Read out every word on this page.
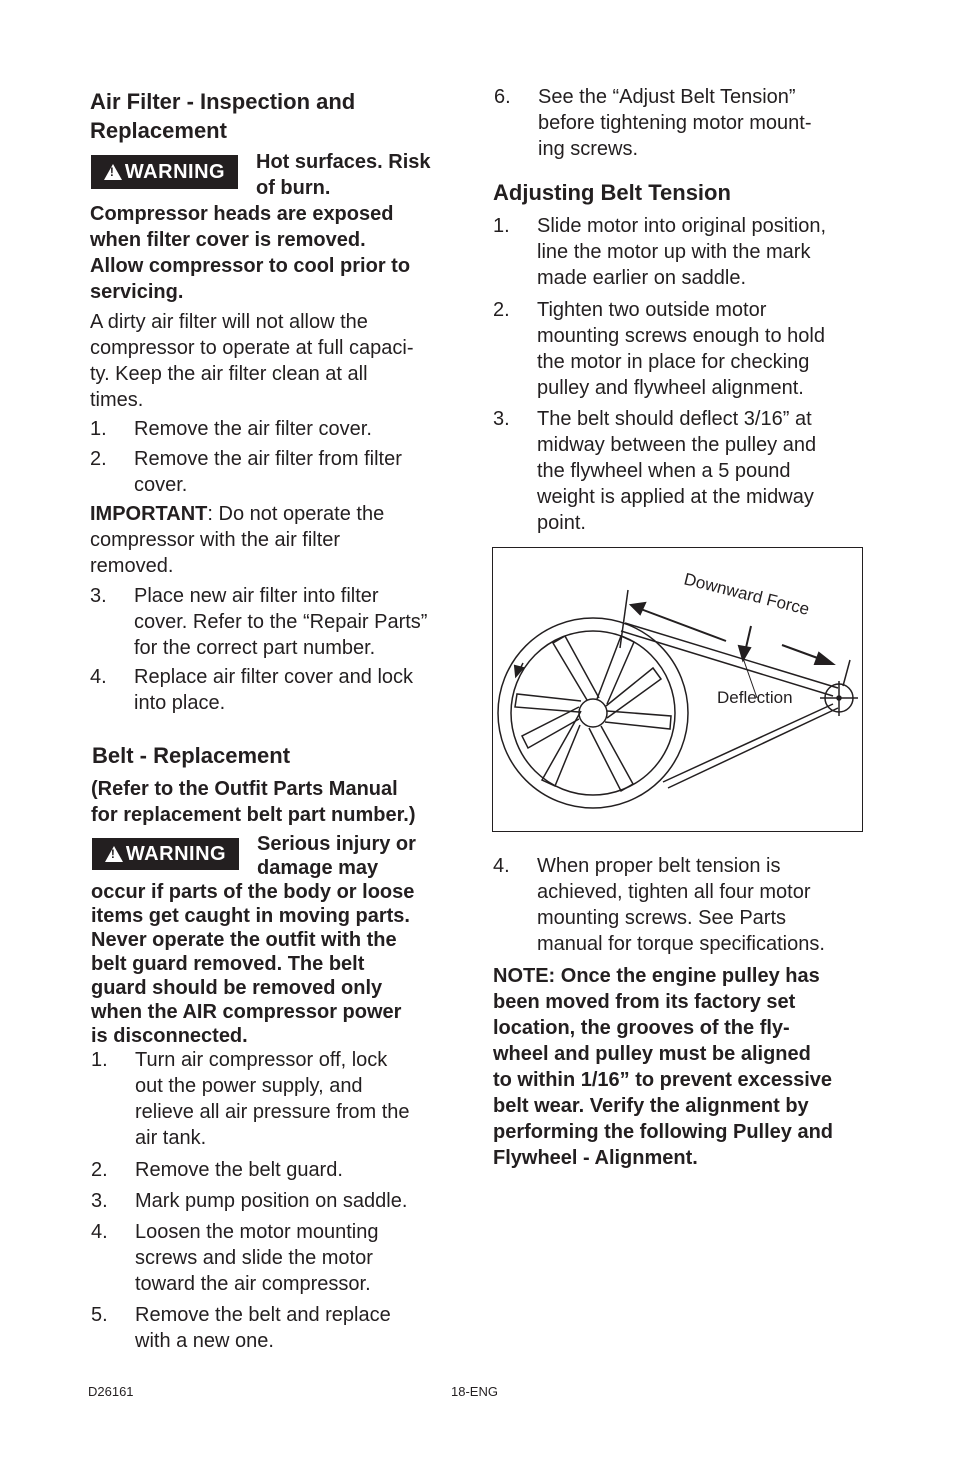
Air Filter - Inspection and
Replacement
!
WARNING Hot surfaces. Risk
of burn.
Compressor heads are exposed
when filter cover is removed.
Allow compressor to cool prior to
servicing.
A dirty air filter will not allow the
compressor to operate at full capaci-
ty. Keep the air filter clean at all
times.
1. Remove the air filter cover.
2. Remove the air filter from filter
cover.
IMPORTANT: Do not operate the
compressor with the air filter
removed.
3. Place new air filter into filter
cover. Refer to the “Repair Parts”
for the correct part number.
4. Replace air filter cover and lock
into place.
Belt - Replacement
(Refer to the Outfit Parts Manual
for replacement belt part number.)
!
WARNING Serious injury or
damage may
occur if parts of the body or loose
items get caught in moving parts.
Never operate the outfit with the
belt guard removed. The belt
guard should be removed only
when the AIR compressor power
is disconnected.
1. Turn air compressor off, lock
out the power supply, and
relieve all air pressure from the
air tank.
2. Remove the belt guard.
3. Mark pump position on saddle.
4. Loosen the motor mounting
screws and slide the motor
toward the air compressor.
5. Remove the belt and replace
with a new one.
6. See the “Adjust Belt Tension”
before tightening motor mount-
ing screws.
Adjusting Belt Tension
1. Slide motor into original position,
line the motor up with the mark
made earlier on saddle.
2. Tighten two outside motor
mounting screws enough to hold
the motor in place for checking
pulley and flywheel alignment.
3. The belt should deflect 3/16” at
midway between the pulley and
the flywheel when a 5 pound
weight is applied at the midway
point.
Downward Force
Deflection
4. When proper belt tension is
achieved, tighten all four motor
mounting screws. See Parts
manual for torque specifications.
NOTE: Once the engine pulley has
been moved from its factory set
location, the grooves of the fly-
wheel and pulley must be aligned
to within 1/16” to prevent excessive
belt wear. Verify the alignment by
performing the following Pulley and
Flywheel - Alignment.
D26161	18-ENG
